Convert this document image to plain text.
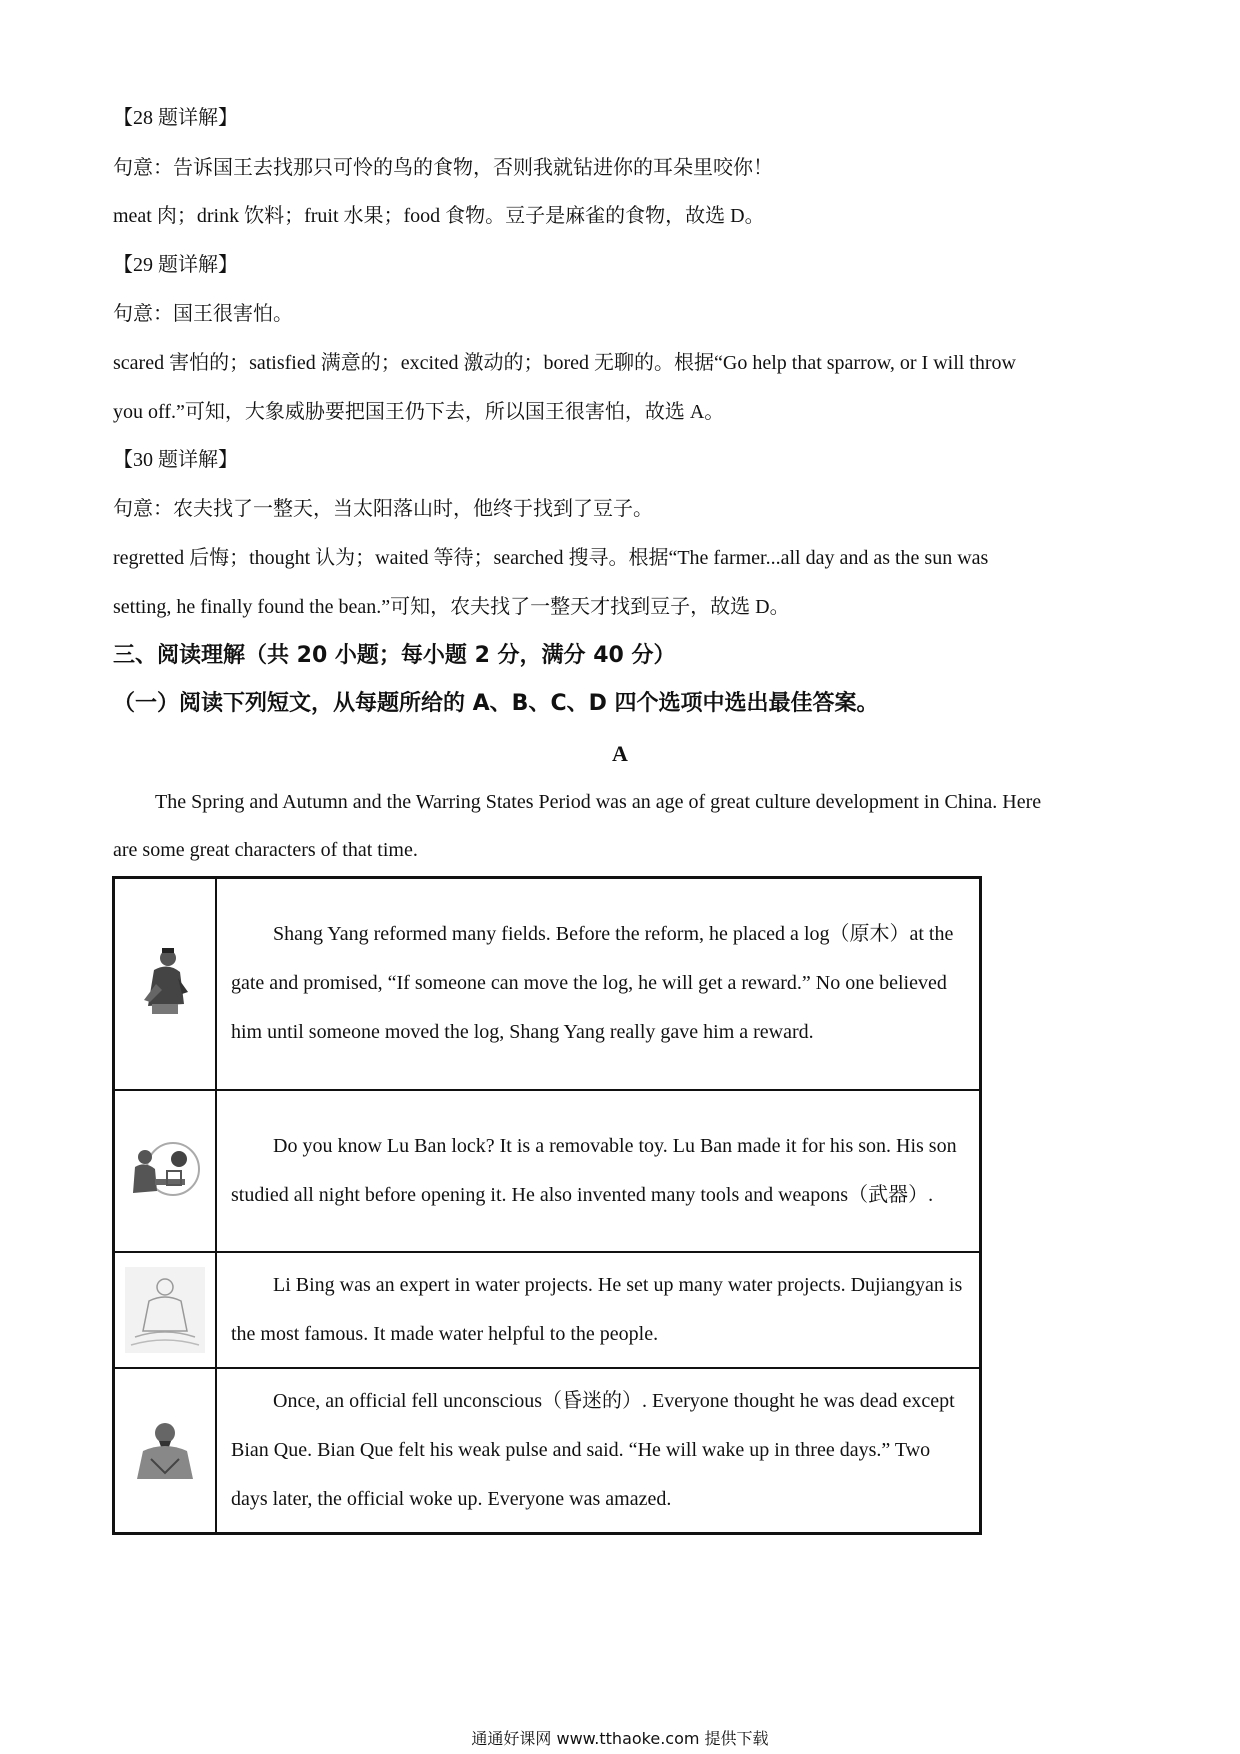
【28 题详解】
句意：告诉国王去找那只可怜的鸟的食物，否则我就钻进你的耳朵里咬你！
meat 肉；drink 饮料；fruit 水果；food 食物。豆子是麻雀的食物，故选 D。
【29 题详解】
句意：国王很害怕。
scared 害怕的；satisfied 满意的；excited 激动的；bored 无聊的。根据“Go help that sparrow, or I will throw
you off.”可知，大象威胁要把国王仍下去，所以国王很害怕，故选 A。
【30 题详解】
句意：农夫找了一整天，当太阳落山时，他终于找到了豆子。
regretted 后悔；thought 认为；waited 等待；searched 搜寻。根据“The farmer...all day and as the sun was
setting, he finally found the bean.”可知，农夫找了一整天才找到豆子，故选 D。
三、阅读理解（共 20 小题；每小题 2 分，满分 40 分）
（一）阅读下列短文，从每题所给的 A、B、C、D 四个选项中选出最佳答案。
A
The Spring and Autumn and the Warring States Period was an age of great culture development in China. Here
are some great characters of that time.

Shang Yang reformed many fields. Before the reform, he placed a log（原木）at the gate and promised, “If someone can move the log, he will get a reward.” No one believed him until someone moved the log, Shang Yang really gave him a reward.

Do you know Lu Ban lock? It is a removable toy. Lu Ban made it for his son. His son studied all night before opening it. He also invented many tools and weapons（武器）.

Li Bing was an expert in water projects. He set up many water projects. Dujiangyan is the most famous. It made water helpful to the people.

Once, an official fell unconscious（昏迷的）. Everyone thought he was dead except Bian Que. Bian Que felt his weak pulse and said. “He will wake up in three days.” Two days later, the official woke up. Everyone was amazed.
通通好课网 www.tthaoke.com 提供下载
